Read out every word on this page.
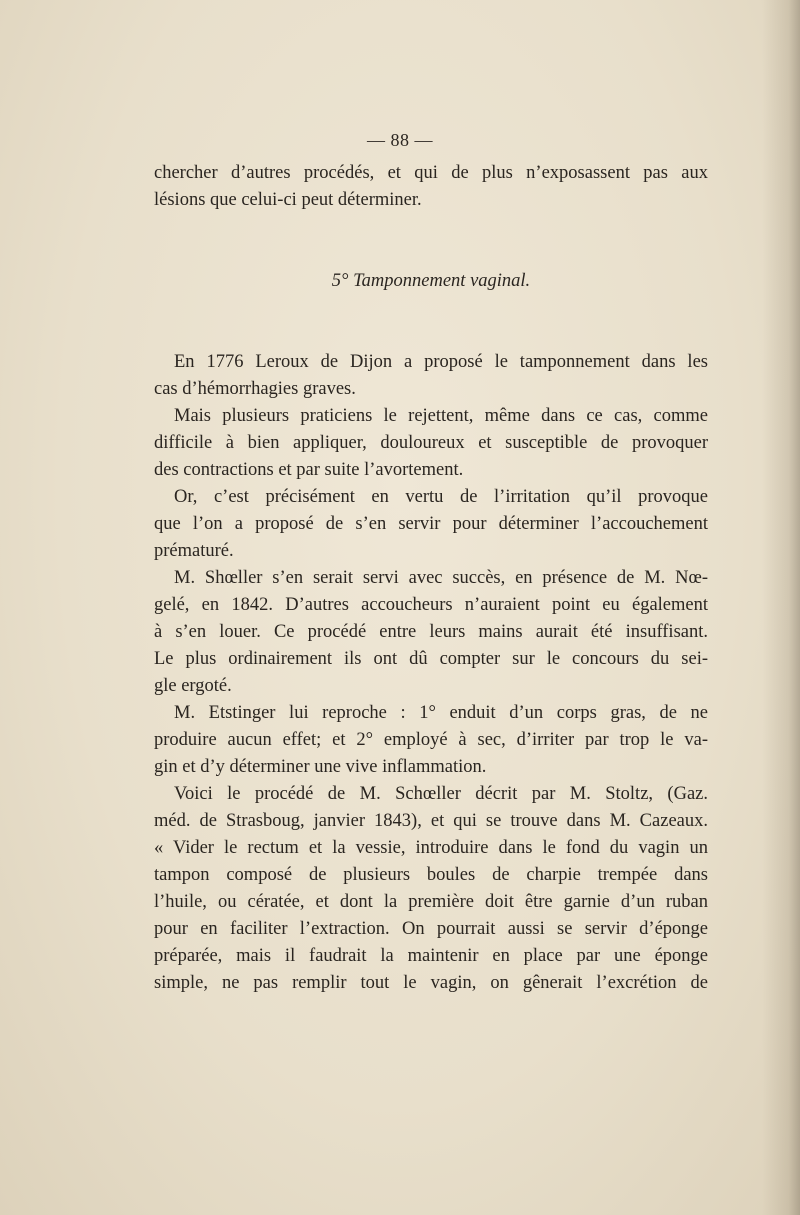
— 88 —
chercher d’autres procédés, et qui de plus n’exposassent pas aux
lésions que celui-ci peut déterminer.
5° Tamponnement vaginal.
En 1776 Leroux de Dijon a proposé le tamponnement dans les
cas d’hémorrhagies graves.
Mais plusieurs praticiens le rejettent, même dans ce cas, comme
difficile à bien appliquer, douloureux et susceptible de provoquer
des contractions et par suite l’avortement.
Or, c’est précisément en vertu de l’irritation qu’il provoque
que l’on a proposé de s’en servir pour déterminer l’accouchement
prématuré.
M. Shœller s’en serait servi avec succès, en présence de M. Nœ-
gelé, en 1842. D’autres accoucheurs n’auraient point eu également
à s’en louer. Ce procédé entre leurs mains aurait été insuffisant.
Le plus ordinairement ils ont dû compter sur le concours du sei-
gle ergoté.
M. Etstinger lui reproche : 1° enduit d’un corps gras, de ne
produire aucun effet; et 2° employé à sec, d’irriter par trop le va-
gin et d’y déterminer une vive inflammation.
Voici le procédé de M. Schœller décrit par M. Stoltz, (Gaz.
méd. de Strasboug, janvier 1843), et qui se trouve dans M. Cazeaux.
« Vider le rectum et la vessie, introduire dans le fond du vagin un
tampon composé de plusieurs boules de charpie trempée dans
l’huile, ou cératée, et dont la première doit être garnie d’un ruban
pour en faciliter l’extraction. On pourrait aussi se servir d’éponge
préparée, mais il faudrait la maintenir en place par une éponge
simple, ne pas remplir tout le vagin, on gênerait l’excrétion de
